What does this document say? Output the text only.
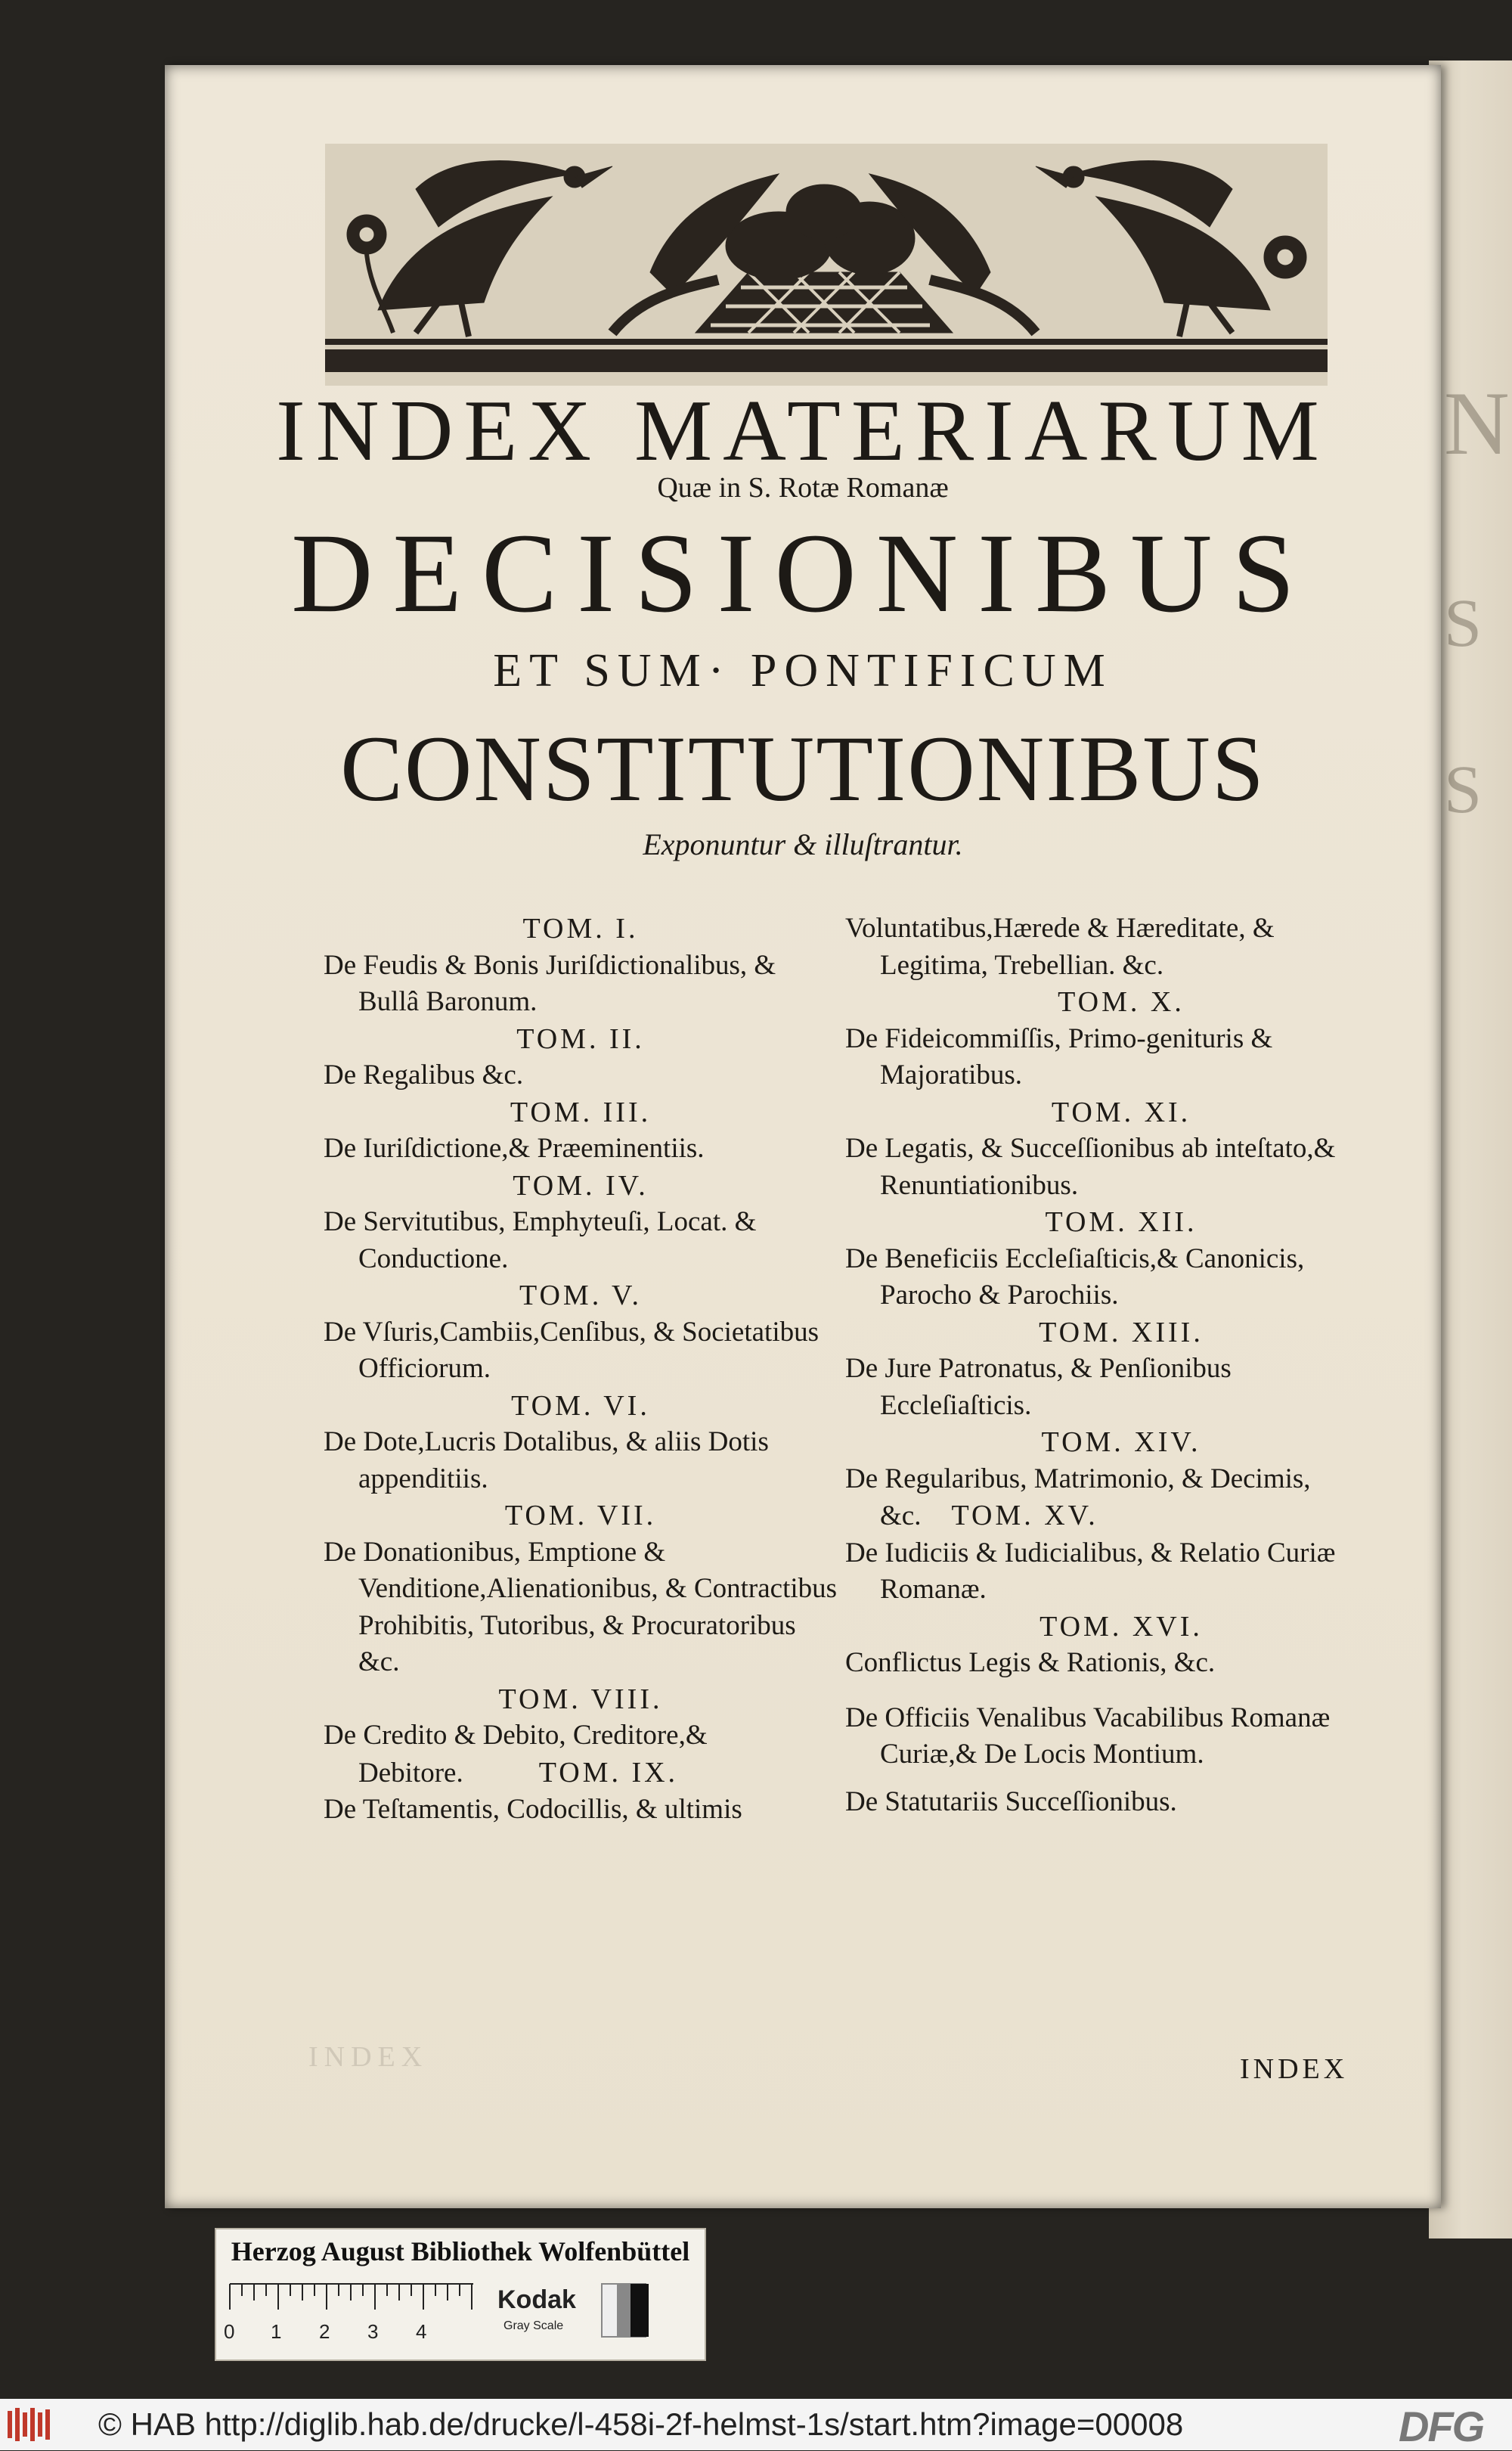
N
S
S
INDEX MATERIARUM
Quæ in S. Rotæ Romanæ
DECISIONIBUS
ET SUM· PONTIFICUM
CONSTITUTIONIBUS
Exponuntur & illuſtrantur.
TOM. I.
De Feudis & Bonis Juriſdictionalibus, & Bullâ Baronum.
TOM. II.
De Regalibus &c.
TOM. III.
De Iuriſdictione,& Præeminentiis.
TOM. IV.
De Servitutibus, Emphyteuſi, Locat. & Conductione.
TOM. V.
De Vſuris,Cambiis,Cenſibus, & Societatibus Officiorum.
TOM. VI.
De Dote,Lucris Dotalibus, & aliis Dotis appenditiis.
TOM. VII.
De Donationibus, Emptione & Venditione,Alienationibus, & Contractibus Prohibitis, Tutoribus, & Procuratoribus &c.
TOM. VIII.
De Credito & Debito, Creditore,& Debitore.	TOM. IX.
De Teſtamentis, Codocillis, & ultimis
Voluntatibus,Hærede & Hæreditate, & Legitima, Trebellian. &c.
TOM. X.
De Fideicommiſſis, Primo-genituris & Majoratibus.
TOM. XI.
De Legatis, & Succeſſionibus ab inteſtato,& Renuntiationibus.
TOM. XII.
De Beneficiis Eccleſiaſticis,& Canonicis, Parocho & Parochiis.
TOM. XIII.
De Jure Patronatus, & Penſionibus Eccleſiaſticis.
TOM. XIV.
De Regularibus, Matrimonio, & Decimis, &c. TOM. XV.
De Iudiciis & Iudicialibus, & Relatio Curiæ Romanæ.
TOM. XVI.
Conflictus Legis & Rationis, &c.
De Officiis Venalibus Vacabilibus Romanæ Curiæ,& De Locis Montium.
De Statutariis Succeſſionibus.
INDEX	INDEX
Herzog August Bibliothek Wolfenbüttel
0 1 2 3 4
Kodak
Gray Scale
© HAB http://diglib.hab.de/drucke/l-458i-2f-helmst-1s/start.htm?image=00008	DFG
